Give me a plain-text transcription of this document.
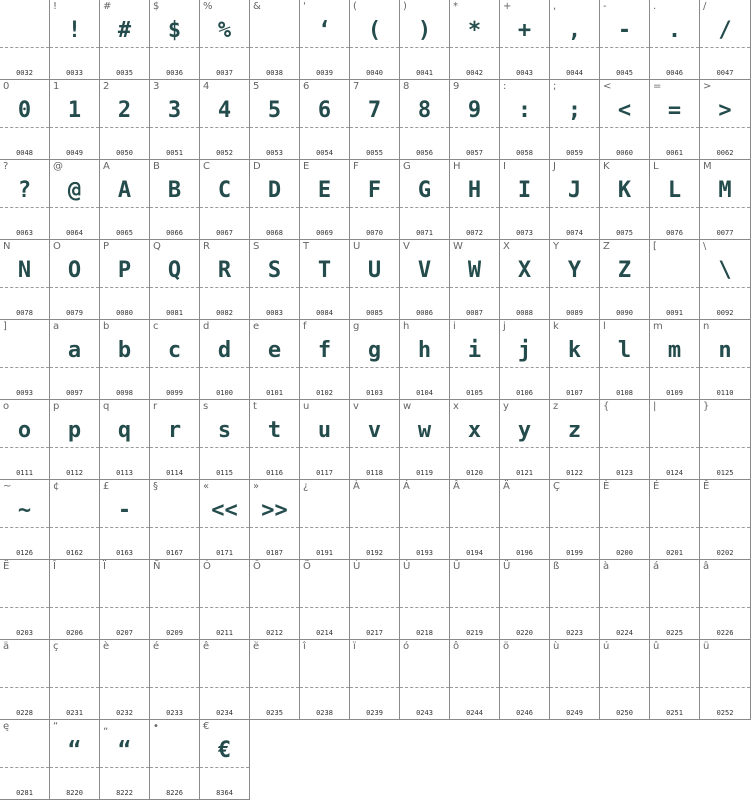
0032
!
!
0033
#
#
0035
$
$
0036
%
%
0037
&
0038
'
‘
0039
(
(
0040
)
)
0041
*
*
0042
+
+
0043
,
,
0044
-
-
0045
.
.
0046
/
/
0047
0
0
0048
1
1
0049
2
2
0050
3
3
0051
4
4
0052
5
5
0053
6
6
0054
7
7
0055
8
8
0056
9
9
0057
:
:
0058
;
;
0059
<
<
0060
=
=
0061
>
>
0062
?
?
0063
@
@
0064
A
A
0065
B
B
0066
C
C
0067
D
D
0068
E
E
0069
F
F
0070
G
G
0071
H
H
0072
I
I
0073
J
J
0074
K
K
0075
L
L
0076
M
M
0077
N
N
0078
O
O
0079
P
P
0080
Q
Q
0081
R
R
0082
S
S
0083
T
T
0084
U
U
0085
V
V
0086
W
W
0087
X
X
0088
Y
Y
0089
Z
Z
0090
[
0091
\
\
0092
]
0093
a
a
0097
b
b
0098
c
c
0099
d
d
0100
e
e
0101
f
f
0102
g
g
0103
h
h
0104
i
i
0105
j
j
0106
k
k
0107
l
l
0108
m
m
0109
n
n
0110
o
o
0111
p
p
0112
q
q
0113
r
r
0114
s
s
0115
t
t
0116
u
u
0117
v
v
0118
w
w
0119
x
x
0120
y
y
0121
z
z
0122
{
0123
|
0124
}
0125
~
~
0126
¢
0162
£
-
0163
§
0167
«
<<
0171
»
>>
0187
¿
0191
À
0192
Á
0193
Â
0194
Ä
0196
Ç
0199
È
0200
É
0201
Ê
0202
Ë
0203
Î
0206
Ï
0207
Ñ
0209
Ó
0211
Ô
0212
Ö
0214
Ù
0217
Ú
0218
Û
0219
Ü
0220
ß
0223
à
0224
á
0225
â
0226
ä
0228
ç
0231
è
0232
é
0233
ê
0234
ë
0235
î
0238
ï
0239
ó
0243
ô
0244
ö
0246
ù
0249
ú
0250
û
0251
ü
0252
ę
0281
“
“
8220
„
“
8222
•
8226
€
€
8364
